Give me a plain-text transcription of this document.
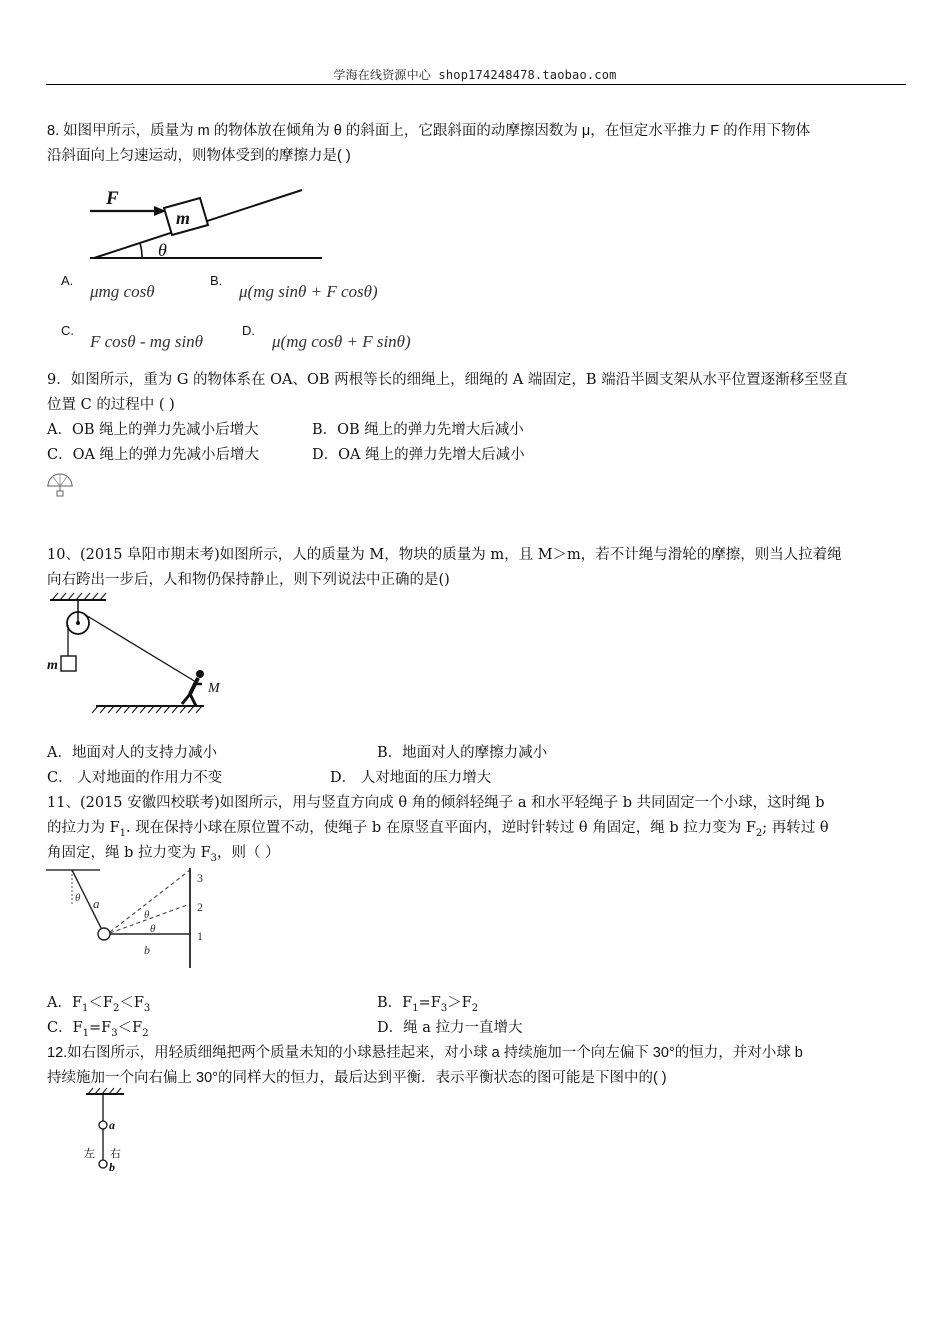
学海在线资源中心 shop174248478.taobao.com
8. 如图甲所示，质量为 m 的物体放在倾角为 θ 的斜面上，它跟斜面的动摩擦因数为 μ，在恒定水平推力 F 的作用下物体
沿斜面向上匀速运动，则物体受到的摩擦力是( )
F
m
θ
A.
μmg cosθ
B.
μ(mg sinθ + F cosθ)
C.
F cosθ - mg sinθ
D.
μ(mg cosθ + F sinθ)
9．如图所示，重为 G 的物体系在 OA、OB 两根等长的细绳上，细绳的 A 端固定，B 端沿半圆支架从水平位置逐渐移至竖直
位置 C 的过程中 ( )
A．OB 绳上的弹力先减小后增大	B．OB 绳上的弹力先增大后减小
C．OA 绳上的弹力先减小后增大	D．OA 绳上的弹力先增大后减小
10、(2015 阜阳市期末考)如图所示，人的质量为 M，物块的质量为 m，且 M＞m，若不计绳与滑轮的摩擦，则当人拉着绳
向右跨出一步后，人和物仍保持静止，则下列说法中正确的是()
m
M
A．地面对人的支持力减小	B．地面对人的摩擦力减小
C． 人对地面的作用力不变	D． 人对地面的压力增大
11、(2015 安徽四校联考)如图所示，用与竖直方向成 θ 角的倾斜轻绳子 a 和水平轻绳子 b 共同固定一个小球，这时绳 b
的拉力为 $F_1$. 现在保持小球在原位置不动，使绳子 b 在原竖直平面内，逆时针转过 θ 角固定，绳 b 拉力变为 $F_2$; 再转过 θ
角固定，绳 b 拉力变为 $F_3$，则（ ）
θ a
θ
θ
b
3
2
1
A．$F_1<F_2<F_3$	B．$F_1=F_3>F_2$
C．$F_1=F_3<F_2$	D．绳 a 拉力一直增大
12.如右图所示，用轻质细绳把两个质量未知的小球悬挂起来，对小球 a 持续施加一个向左偏下 30°的恒力，并对小球 b
持续施加一个向右偏上 30°的同样大的恒力，最后达到平衡．表示平衡状态的图可能是下图中的( )
a
左 右
b
